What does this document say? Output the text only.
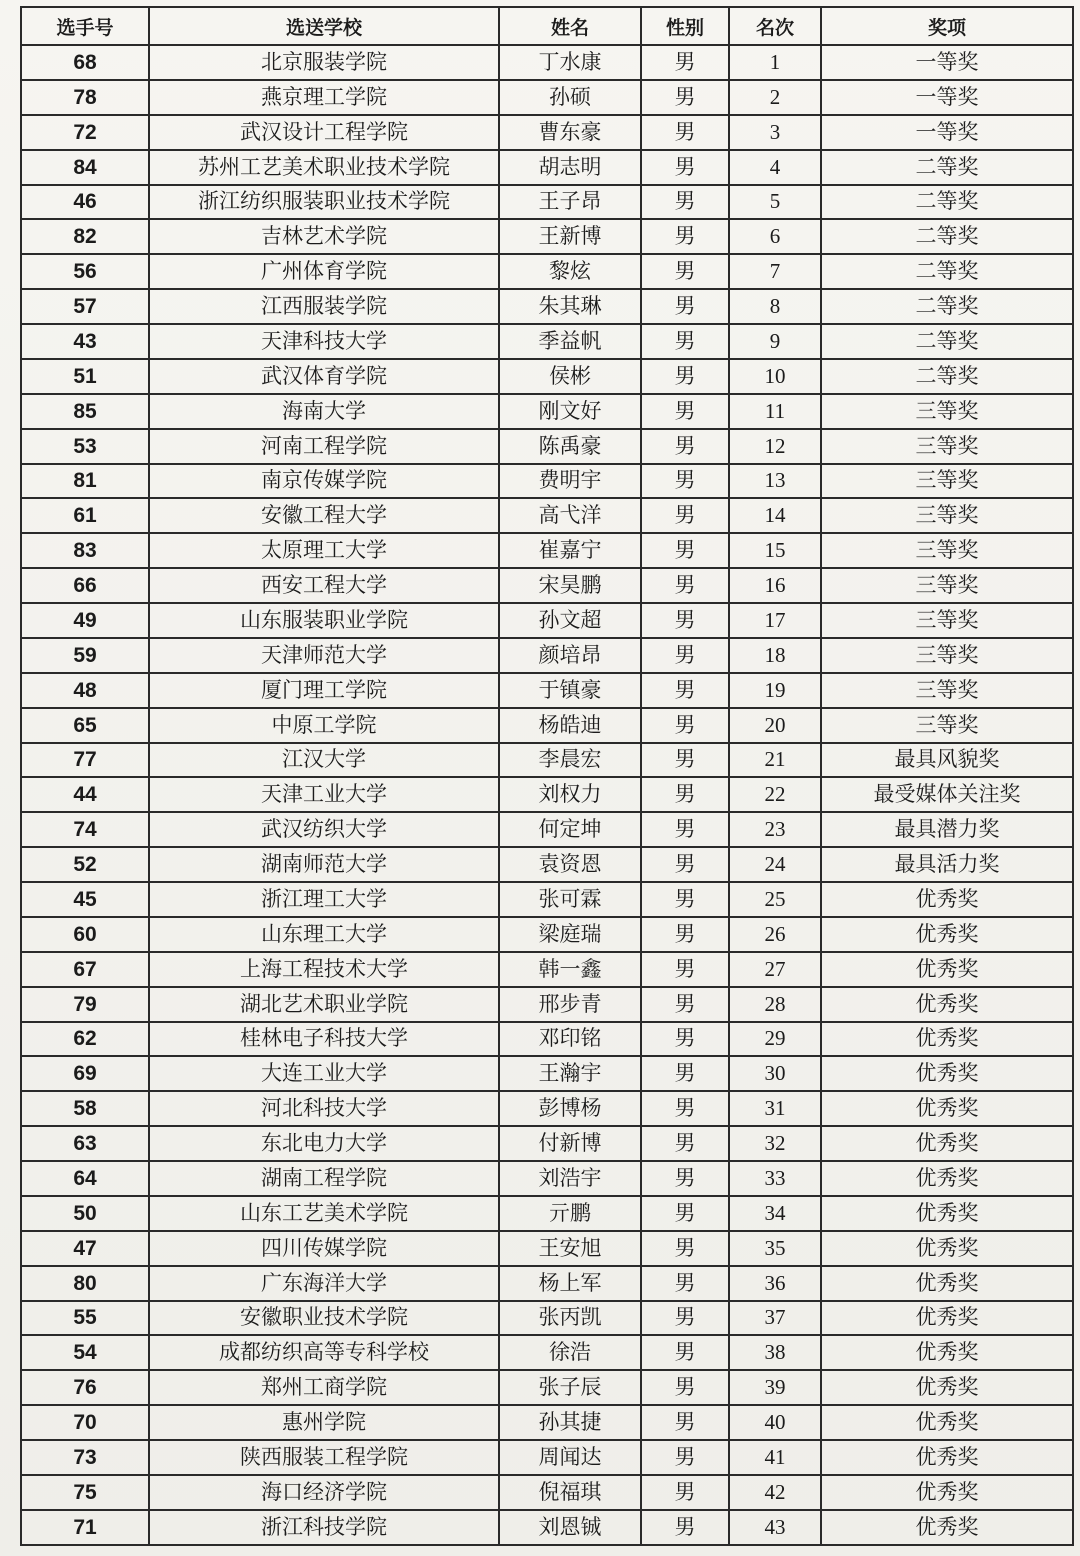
选手号	选送学校	姓名	性别	名次	奖项
68	北京服装学院	丁水康	男	1	一等奖
78	燕京理工学院	孙硕	男	2	一等奖
72	武汉设计工程学院	曹东豪	男	3	一等奖
84	苏州工艺美术职业技术学院	胡志明	男	4	二等奖
46	浙江纺织服装职业技术学院	王子昂	男	5	二等奖
82	吉林艺术学院	王新博	男	6	二等奖
56	广州体育学院	黎炫	男	7	二等奖
57	江西服装学院	朱其琳	男	8	二等奖
43	天津科技大学	季益帆	男	9	二等奖
51	武汉体育学院	侯彬	男	10	二等奖
85	海南大学	刚文好	男	11	三等奖
53	河南工程学院	陈禹豪	男	12	三等奖
81	南京传媒学院	费明宇	男	13	三等奖
61	安徽工程大学	高弋洋	男	14	三等奖
83	太原理工大学	崔嘉宁	男	15	三等奖
66	西安工程大学	宋昊鹏	男	16	三等奖
49	山东服装职业学院	孙文超	男	17	三等奖
59	天津师范大学	颜培昂	男	18	三等奖
48	厦门理工学院	于镇豪	男	19	三等奖
65	中原工学院	杨皓迪	男	20	三等奖
77	江汉大学	李晨宏	男	21	最具风貌奖
44	天津工业大学	刘权力	男	22	最受媒体关注奖
74	武汉纺织大学	何定坤	男	23	最具潜力奖
52	湖南师范大学	袁资恩	男	24	最具活力奖
45	浙江理工大学	张可霖	男	25	优秀奖
60	山东理工大学	梁庭瑞	男	26	优秀奖
67	上海工程技术大学	韩一鑫	男	27	优秀奖
79	湖北艺术职业学院	邢步青	男	28	优秀奖
62	桂林电子科技大学	邓印铭	男	29	优秀奖
69	大连工业大学	王瀚宇	男	30	优秀奖
58	河北科技大学	彭博杨	男	31	优秀奖
63	东北电力大学	付新博	男	32	优秀奖
64	湖南工程学院	刘浩宇	男	33	优秀奖
50	山东工艺美术学院	亓鹏	男	34	优秀奖
47	四川传媒学院	王安旭	男	35	优秀奖
80	广东海洋大学	杨上军	男	36	优秀奖
55	安徽职业技术学院	张丙凯	男	37	优秀奖
54	成都纺织高等专科学校	徐浩	男	38	优秀奖
76	郑州工商学院	张子辰	男	39	优秀奖
70	惠州学院	孙其捷	男	40	优秀奖
73	陕西服装工程学院	周闻达	男	41	优秀奖
75	海口经济学院	倪福琪	男	42	优秀奖
71	浙江科技学院	刘恩铖	男	43	优秀奖
